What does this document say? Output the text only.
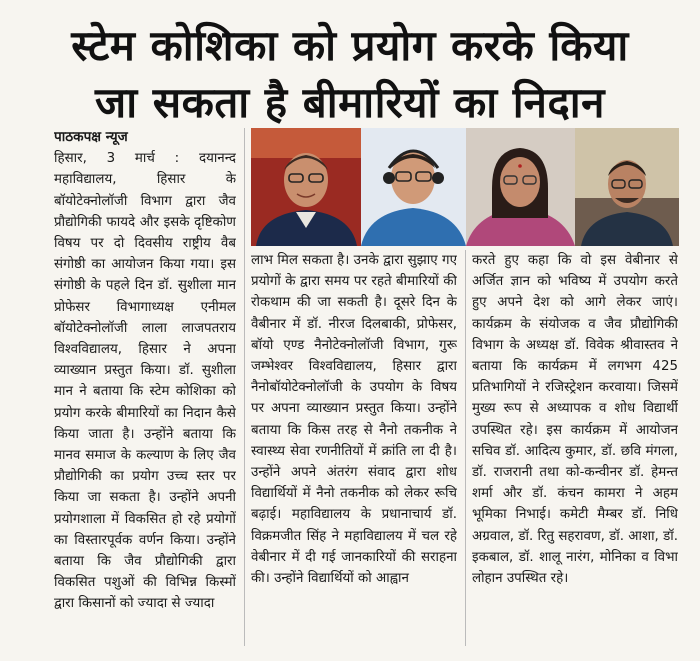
स्टेम कोशिका को प्रयोग करके किया
जा सकता है बीमारियों का निदान

पाठकपक्ष न्यूज

हिसार, 3 मार्च : दयानन्द महाविद्यालय, हिसार के बॉयोटेक्नोलॉजी विभाग द्वारा जैव प्रौद्योगिकी फायदे और इसके दृष्टिकोण विषय पर दो दिवसीय राष्ट्रीय वैब संगोष्ठी का आयोजन किया गया। इस संगोष्ठी के पहले दिन डॉ. सुशीला मान प्रोफेसर विभागाध्यक्ष एनीमल बॉयोटेक्नोलॉजी लाला लाजपतराय विश्वविद्यालय, हिसार ने अपना व्याख्यान प्रस्तुत किया। डॉ. सुशीला मान ने बताया कि स्टेम कोशिका को प्रयोग करके बीमारियों का निदान कैसे किया जाता है। उन्होंने बताया कि मानव समाज के कल्याण के लिए जैव प्रौद्योगिकी का प्रयोग उच्च स्तर पर किया जा सकता है। उन्होंने अपनी प्रयोगशाला में विकसित हो रहे प्रयोगों का विस्तारपूर्वक वर्णन किया। उन्होंने बताया कि जैव प्रौद्योगिकी द्वारा विकसित पशुओं की विभिन्न किस्मों द्वारा किसानों को ज्यादा से ज्यादा

लाभ मिल सकता है। उनके द्वारा सुझाए गए प्रयोगों के द्वारा समय पर रहते बीमारियों की रोकथाम की जा सकती है। दूसरे दिन के वैबीनार में डॉ. नीरज दिलबाकी, प्रोफेसर, बॉयो एण्ड नैनोटेक्नोलॉजी विभाग, गुरू जम्भेश्वर विश्वविद्यालय, हिसार द्वारा नैनोबॉयोटेक्नोलॉजी के उपयोग के विषय पर अपना व्याख्यान प्रस्तुत किया। उन्होंने बताया कि किस तरह से नैनो तकनीक ने स्वास्थ्य सेवा रणनीतियों में क्रांति ला दी है। उन्होंने अपने अंतरंग संवाद द्वारा शोध विद्यार्थियों में नैनो तकनीक को लेकर रूचि बढ़ाई। महाविद्यालय के प्रधानाचार्य डॉ. विक्रमजीत सिंह ने महाविद्यालय में चल रहे वेबीनार में दी गई जानकारियों की सराहना की। उन्होंने विद्यार्थियों को आह्वान

करते हुए कहा कि वो इस वेबीनार से अर्जित ज्ञान को भविष्य में उपयोग करते हुए अपने देश को आगे लेकर जाएं। कार्यक्रम के संयोजक व जैव प्रौद्योगिकी विभाग के अध्यक्ष डॉ. विवेक श्रीवास्तव ने बताया कि कार्यक्रम में लगभग 425 प्रतिभागियों ने रजिस्ट्रेशन करवाया। जिसमें मुख्य रूप से अध्यापक व शोध विद्यार्थी उपस्थित रहे। इस कार्यक्रम में आयोजन सचिव डॉ. आदित्य कुमार, डॉ. छवि मंगला, डॉ. राजरानी तथा को-कन्वीनर डॉ. हेमन्त शर्मा और डॉ. कंचन कामरा ने अहम भूमिका निभाई। कमेटी मैम्बर डॉ. निधि अग्रवाल, डॉ. रितु सहरावण, डॉ. आशा, डॉ. इकबाल, डॉ. शालू नारंग, मोनिका व विभा लोहान उपस्थित रहे।
